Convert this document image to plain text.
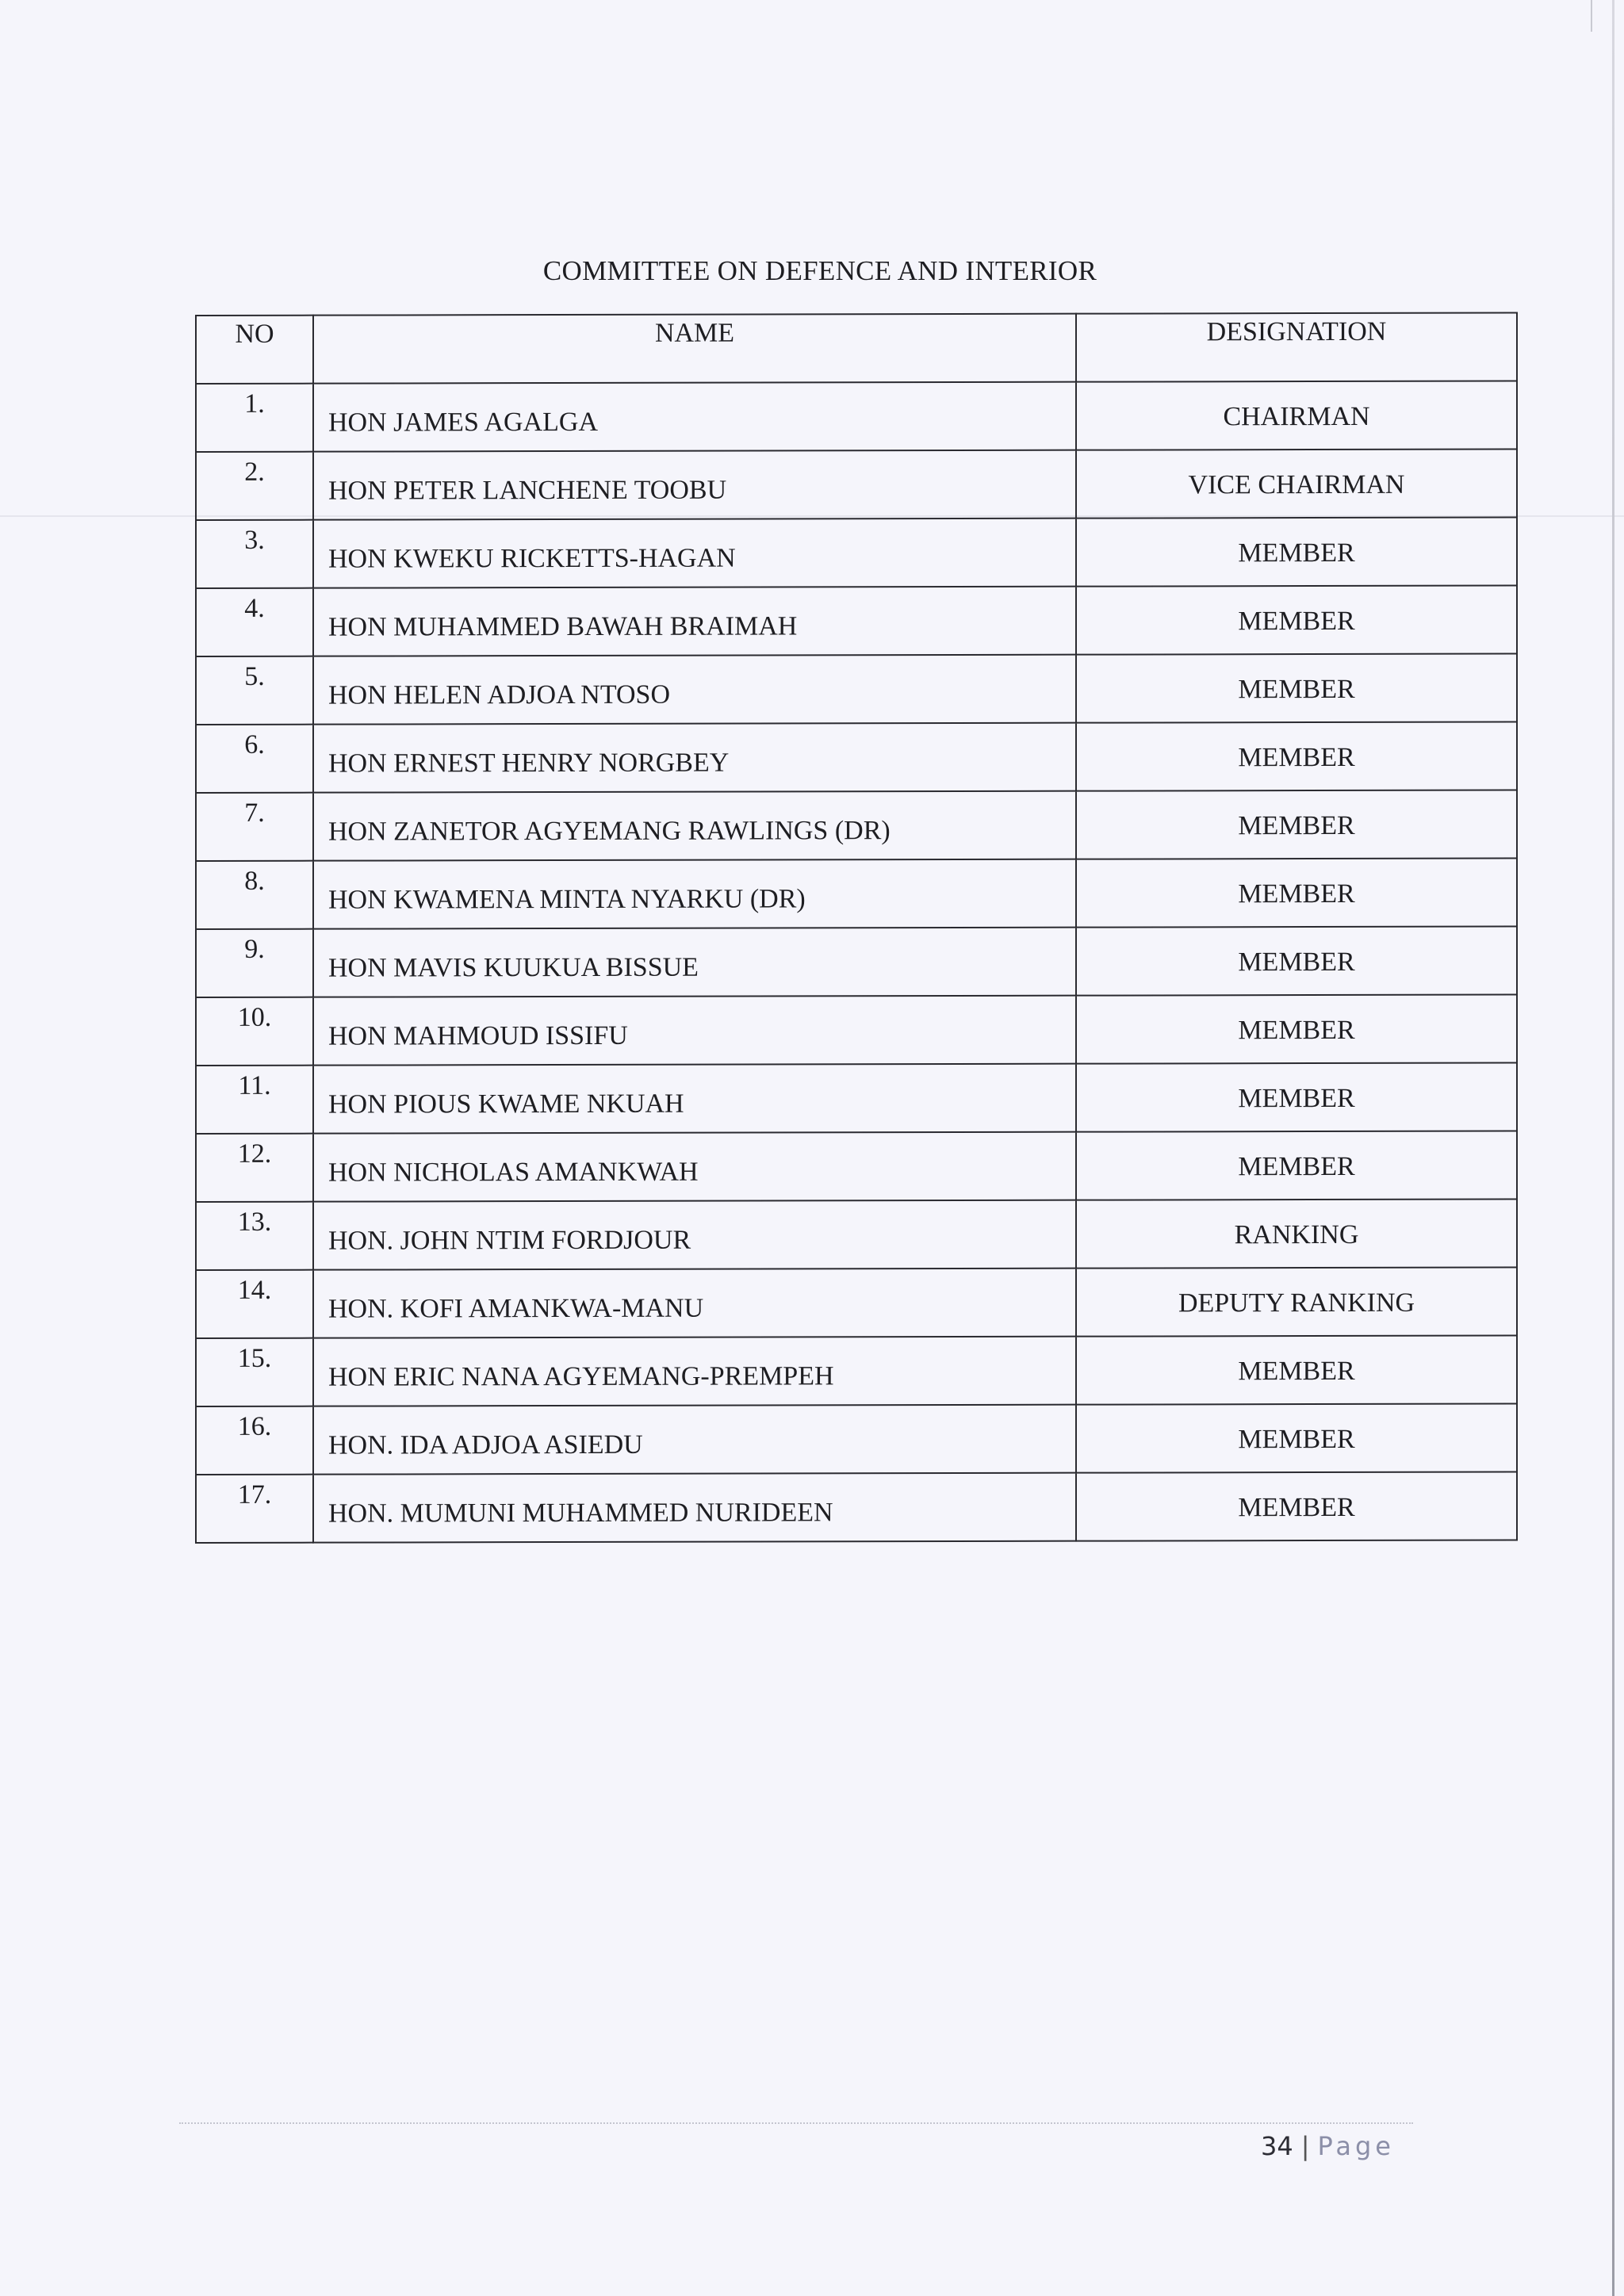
COMMITTEE ON DEFENCE AND INTERIOR
NO	NAME	DESIGNATION
1.	HON JAMES AGALGA	CHAIRMAN
2.	HON PETER LANCHENE TOOBU	VICE CHAIRMAN
3.	HON KWEKU RICKETTS-HAGAN	MEMBER
4.	HON MUHAMMED BAWAH BRAIMAH	MEMBER
5.	HON HELEN ADJOA NTOSO	MEMBER
6.	HON ERNEST HENRY NORGBEY	MEMBER
7.	HON ZANETOR AGYEMANG RAWLINGS (DR)	MEMBER
8.	HON KWAMENA MINTA NYARKU (DR)	MEMBER
9.	HON MAVIS KUUKUA BISSUE	MEMBER
10.	HON MAHMOUD ISSIFU	MEMBER
11.	HON PIOUS KWAME NKUAH	MEMBER
12.	HON NICHOLAS AMANKWAH	MEMBER
13.	HON. JOHN NTIM FORDJOUR	RANKING
14.	HON. KOFI AMANKWA-MANU	DEPUTY RANKING
15.	HON ERIC NANA AGYEMANG-PREMPEH	MEMBER
16.	HON. IDA ADJOA ASIEDU	MEMBER
17.	HON. MUMUNI MUHAMMED NURIDEEN	MEMBER
34 | Page
